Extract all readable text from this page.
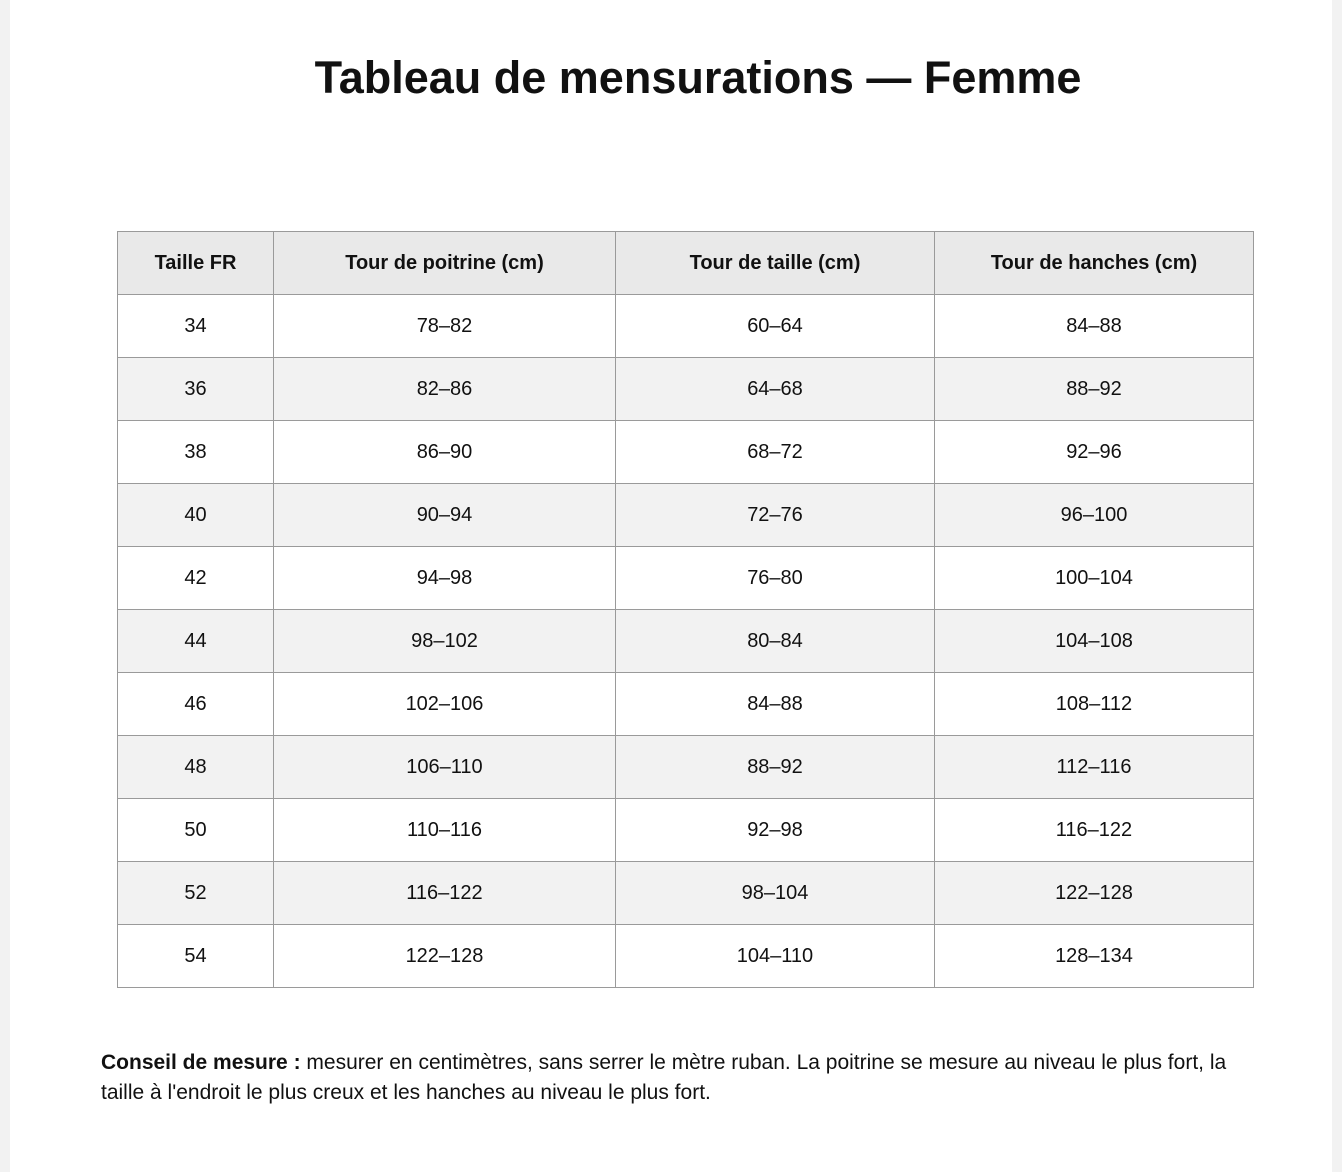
Tableau de mensurations — Femme
Taille FR	Tour de poitrine (cm)	Tour de taille (cm)	Tour de hanches (cm)
34	78–82	60–64	84–88
36	82–86	64–68	88–92
38	86–90	68–72	92–96
40	90–94	72–76	96–100
42	94–98	76–80	100–104
44	98–102	80–84	104–108
46	102–106	84–88	108–112
48	106–110	88–92	112–116
50	110–116	92–98	116–122
52	116–122	98–104	122–128
54	122–128	104–110	128–134

Conseil de mesure : mesurer en centimètres, sans serrer le mètre ruban. La poitrine se mesure au niveau le plus fort, la taille à l'endroit le plus creux et les hanches au niveau le plus fort.
